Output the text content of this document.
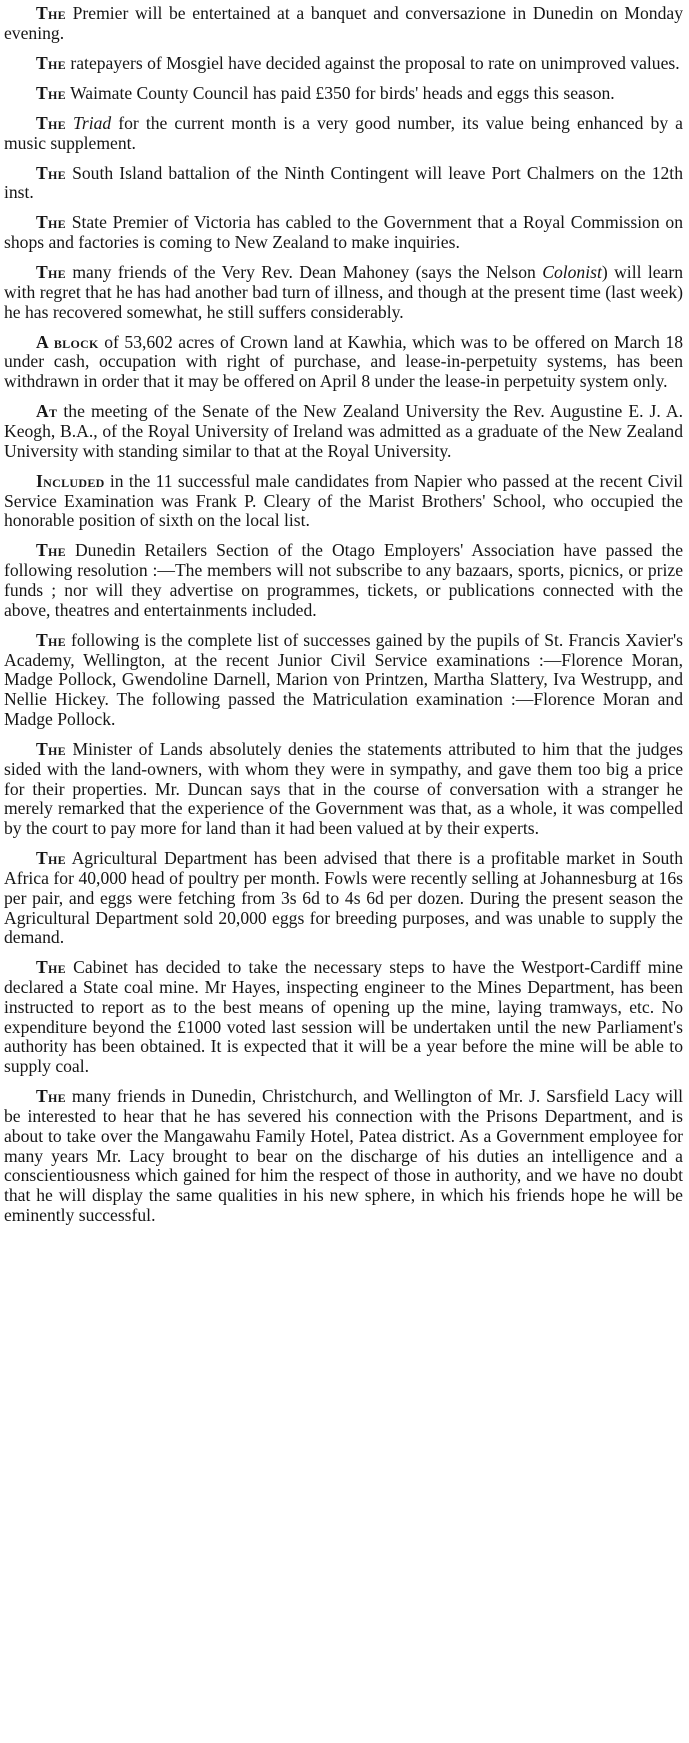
The Premier will be entertained at a banquet and conversazione in Dunedin on Monday evening.

The ratepayers of Mosgiel have decided against the proposal to rate on unimproved values.

The Waimate County Council has paid £350 for birds' heads and eggs this season.

The Triad for the current month is a very good number, its value being enhanced by a music supplement.

The South Island battalion of the Ninth Contingent will leave Port Chalmers on the 12th inst.

The State Premier of Victoria has cabled to the Government that a Royal Commission on shops and factories is coming to New Zealand to make inquiries.

The many friends of the Very Rev. Dean Mahoney (says the Nelson Colonist) will learn with regret that he has had another bad turn of illness, and though at the present time (last week) he has recovered somewhat, he still suffers considerably.

A block of 53,602 acres of Crown land at Kawhia, which was to be offered on March 18 under cash, occupation with right of purchase, and lease-in-perpetuity systems, has been withdrawn in order that it may be offered on April 8 under the lease-in perpetuity system only.

At the meeting of the Senate of the New Zealand University the Rev. Augustine E. J. A. Keogh, B.A., of the Royal University of Ireland was admitted as a graduate of the New Zealand University with standing similar to that at the Royal University.

Included in the 11 successful male candidates from Napier who passed at the recent Civil Service Examination was Frank P. Cleary of the Marist Brothers' School, who occupied the honorable position of sixth on the local list.

The Dunedin Retailers Section of the Otago Employers' Association have passed the following resolution :—The members will not subscribe to any bazaars, sports, picnics, or prize funds ; nor will they advertise on programmes, tickets, or publications connected with the above, theatres and entertainments included.

The following is the complete list of successes gained by the pupils of St. Francis Xavier's Academy, Wellington, at the recent Junior Civil Service examinations :—Florence Moran, Madge Pollock, Gwendoline Darnell, Marion von Printzen, Martha Slattery, Iva Westrupp, and Nellie Hickey. The following passed the Matriculation examination :—Florence Moran and Madge Pollock.

The Minister of Lands absolutely denies the statements attributed to him that the judges sided with the land-owners, with whom they were in sympathy, and gave them too big a price for their properties. Mr. Duncan says that in the course of conversation with a stranger he merely remarked that the experience of the Government was that, as a whole, it was compelled by the court to pay more for land than it had been valued at by their experts.

The Agricultural Department has been advised that there is a profitable market in South Africa for 40,000 head of poultry per month. Fowls were recently selling at Johannesburg at 16s per pair, and eggs were fetching from 3s 6d to 4s 6d per dozen. During the present season the Agricultural Department sold 20,000 eggs for breeding purposes, and was unable to supply the demand.

The Cabinet has decided to take the necessary steps to have the Westport-Cardiff mine declared a State coal mine. Mr Hayes, inspecting engineer to the Mines Department, has been instructed to report as to the best means of opening up the mine, laying tramways, etc. No expenditure beyond the £1000 voted last session will be undertaken until the new Parliament's authority has been obtained. It is expected that it will be a year before the mine will be able to supply coal.

The many friends in Dunedin, Christchurch, and Wellington of Mr. J. Sarsfield Lacy will be interested to hear that he has severed his connection with the Prisons Department, and is about to take over the Mangawahu Family Hotel, Patea district. As a Government employee for many years Mr. Lacy brought to bear on the discharge of his duties an intelligence and a conscientiousness which gained for him the respect of those in authority, and we have no doubt that he will display the same qualities in his new sphere, in which his friends hope he will be eminently successful.
